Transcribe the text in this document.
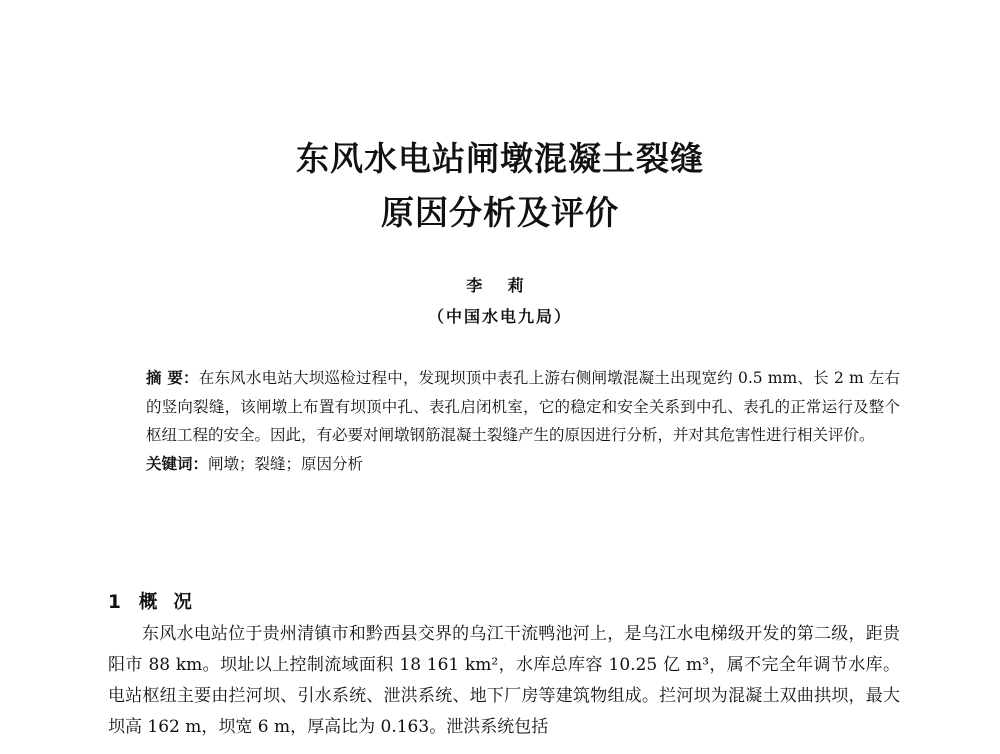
东风水电站闸墩混凝土裂缝
原因分析及评价
李 莉
（中国水电九局）

摘 要：在东风水电站大坝巡检过程中，发现坝顶中表孔上游右侧闸墩混凝土出现宽约 0.5 mm、长 2 m 左右的竖向裂缝，该闸墩上布置有坝顶中孔、表孔启闭机室，它的稳定和安全关系到中孔、表孔的正常运行及整个枢纽工程的安全。因此，有必要对闸墩钢筋混凝土裂缝产生的原因进行分析，并对其危害性进行相关评价。

关键词：闸墩；裂缝；原因分析

1 概况

东风水电站位于贵州清镇市和黔西县交界的乌江干流鸭池河上，是乌江水电梯级开发的第二级，距贵阳市 88 km。坝址以上控制流域面积 18 161 km²，水库总库容 10.25 亿 m³，属不完全年调节水库。电站枢纽主要由拦河坝、引水系统、泄洪系统、地下厂房等建筑物组成。拦河坝为混凝土双曲拱坝，最大坝高 162 m，坝宽 6 m，厚高比为 0.163。泄洪系统包括
